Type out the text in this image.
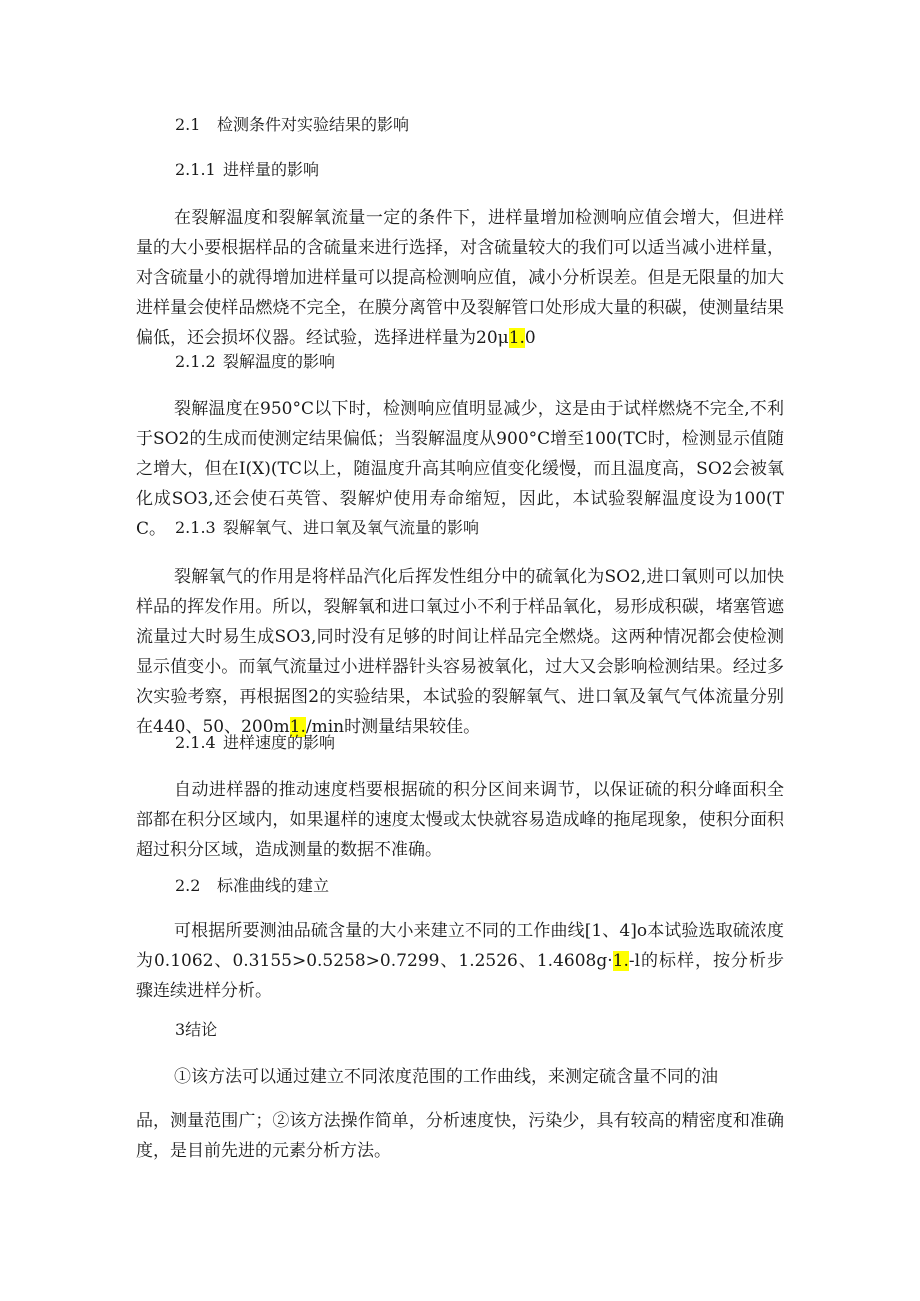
2.1 检测条件对实验结果的影响
2.1.1 进样量的影响

在裂解温度和裂解氧流量一定的条件下，进样量增加检测响应值会增大，但进样量的大小要根据样品的含硫量来进行选择，对含硫量较大的我们可以适当减小进样量，对含硫量小的就得增加进样量可以提高检测响应值，减小分析误差。但是无限量的加大进样量会使样品燃烧不完全，在膜分离管中及裂解管口处形成大量的积碳，使测量结果偏低，还会损坏仪器。经试验，选择进样量为20μ1.0

2.1.2 裂解温度的影响

裂解温度在950°C以下时，检测响应值明显减少，这是由于试样燃烧不完全,不利于SO2的生成而使测定结果偏低；当裂解温度从900°C增至100(TC时，检测显示值随之增大，但在I(X)(TC以上，随温度升高其响应值变化缓慢，而且温度高，SO2会被氧化成SO3,还会使石英管、裂解炉使用寿命缩短，因此，本试验裂解温度设为100(TC。 2.1.3 裂解氧气、进口氧及氧气流量的影响

裂解氧气的作用是将样品汽化后挥发性组分中的硫氧化为SO2,进口氧则可以加快样品的挥发作用。所以，裂解氧和进口氧过小不利于样品氧化，易形成积碳，堵塞管遮流量过大时易生成SO3,同时没有足够的时间让样品完全燃烧。这两种情况都会使检测显示值变小。而氧气流量过小进样器针头容易被氧化，过大又会影响检测结果。经过多次实验考察，再根据图2的实验结果，本试验的裂解氧气、进口氧及氧气气体流量分别在440、50、200m1./min时测量结果较佳。

2.1.4 进样速度的影响

自动进样器的推动速度档要根据硫的积分区间来调节，以保证硫的积分峰面积全部都在积分区域内，如果暹样的速度太慢或太快就容易造成峰的拖尾现象，使积分面积超过积分区域，造成测量的数据不准确。

2.2 标准曲线的建立

可根据所要测油品硫含量的大小来建立不同的工作曲线[1、4]o本试验选取硫浓度为0.1062、0.3155>0.5258>0.7299、1.2526、1.4608g·1.-l的标样，按分析步骤连续进样分析。

3结论

①该方法可以通过建立不同浓度范围的工作曲线，来测定硫含量不同的油

品，测量范围广；②该方法操作简单，分析速度快，污染少，具有较高的精密度和准确度，是目前先进的元素分析方法。
